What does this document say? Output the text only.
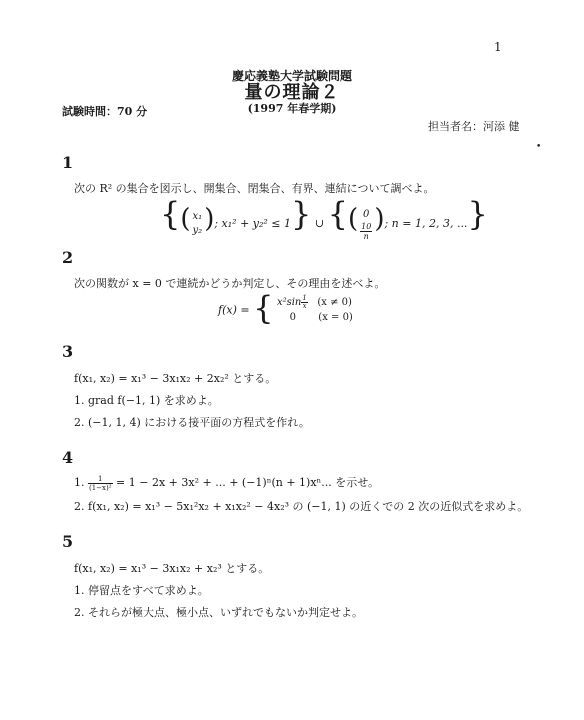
1
•
慶応義塾大学試験問題
量の理論２
(1997 年春学期)
試験時間：70 分
担当者名：河添 健
1
次の R² の集合を図示し、開集合、閉集合、有界、連結について調べよ。
{( x₁
y₂ ); x₁² + y₂² ≤ 1} ∪ {( 0
10
n
); n = 1, 2, 3, ...}
2
次の関数が x = 0 で連続かどうか判定し、その理由を述べよ。
f(x) = { $x^2\sin \frac{1}{x} (x \ne 0)$
0 (x = 0)
3
f(x₁, x₂) = x₁³ − 3x₁x₂ + 2x₂² とする。
1. grad f(−1, 1) を求めよ。
2. (−1, 1, 4) における接平面の方程式を作れ。
4
1. $\frac{1}{\text{(1−x)²}} = 1 - 2x + 3x^2$ + ... + (−1)ⁿ(n + 1)xⁿ... を示せ。
2. f(x₁, x₂) = x₁³ − 5x₁²x₂ + x₁x₂² − 4x₂³ の (−1, 1) の近くでの 2 次の近似式を求めよ。
5
f(x₁, x₂) = x₁³ − 3x₁x₂ + x₂³ とする。
1. 停留点をすべて求めよ。
2. それらが極大点、極小点、いずれでもないか判定せよ。
